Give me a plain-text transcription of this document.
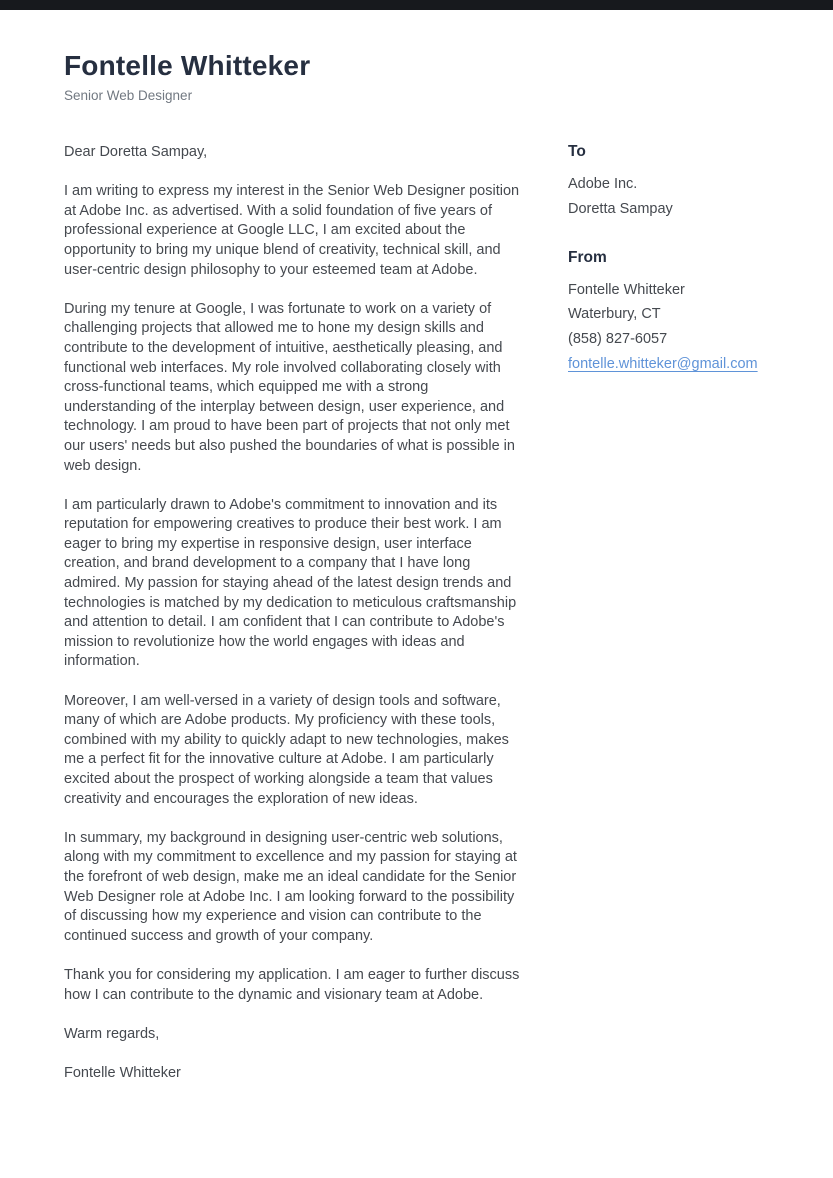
Fontelle Whitteker
Senior Web Designer

Dear Doretta Sampay,

I am writing to express my interest in the Senior Web Designer position at Adobe Inc. as advertised. With a solid foundation of five years of professional experience at Google LLC, I am excited about the opportunity to bring my unique blend of creativity, technical skill, and user-centric design philosophy to your esteemed team at Adobe.

During my tenure at Google, I was fortunate to work on a variety of challenging projects that allowed me to hone my design skills and contribute to the development of intuitive, aesthetically pleasing, and functional web interfaces. My role involved collaborating closely with cross-functional teams, which equipped me with a strong understanding of the interplay between design, user experience, and technology. I am proud to have been part of projects that not only met our users' needs but also pushed the boundaries of what is possible in web design.

I am particularly drawn to Adobe's commitment to innovation and its reputation for empowering creatives to produce their best work. I am eager to bring my expertise in responsive design, user interface creation, and brand development to a company that I have long admired. My passion for staying ahead of the latest design trends and technologies is matched by my dedication to meticulous craftsmanship and attention to detail. I am confident that I can contribute to Adobe's mission to revolutionize how the world engages with ideas and information.

Moreover, I am well-versed in a variety of design tools and software, many of which are Adobe products. My proficiency with these tools, combined with my ability to quickly adapt to new technologies, makes me a perfect fit for the innovative culture at Adobe. I am particularly excited about the prospect of working alongside a team that values creativity and encourages the exploration of new ideas.

In summary, my background in designing user-centric web solutions, along with my commitment to excellence and my passion for staying at the forefront of web design, make me an ideal candidate for the Senior Web Designer role at Adobe Inc. I am looking forward to the possibility of discussing how my experience and vision can contribute to the continued success and growth of your company.

Thank you for considering my application. I am eager to further discuss how I can contribute to the dynamic and visionary team at Adobe.

Warm regards,

Fontelle Whitteker

To
Adobe Inc.
Doretta Sampay
From
Fontelle Whitteker
Waterbury, CT
(858) 827-6057
fontelle.whitteker@gmail.com
